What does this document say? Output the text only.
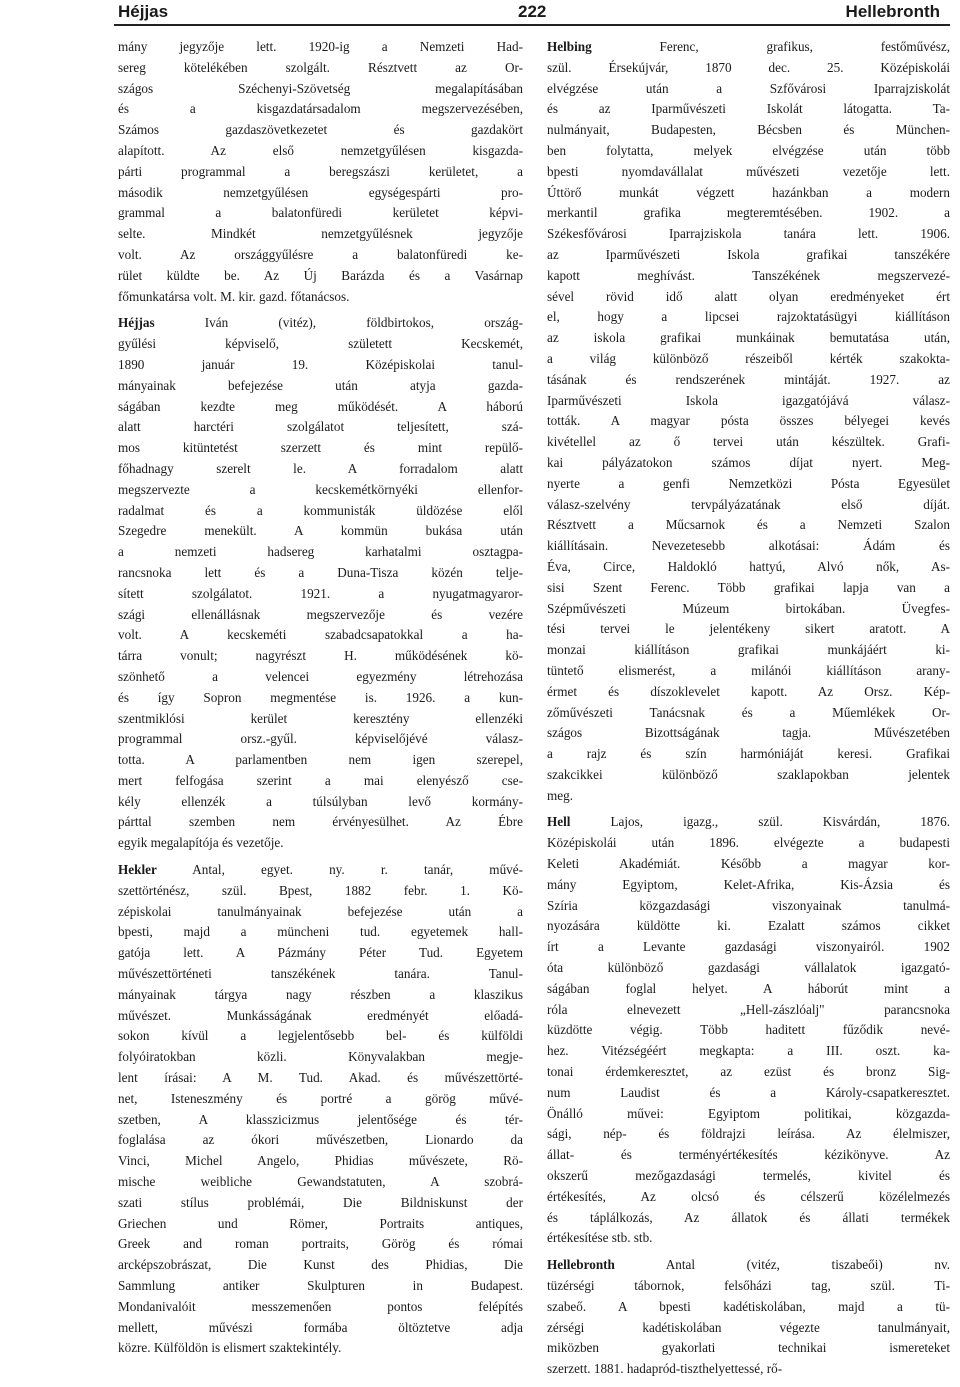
Héjjas	222	Hellebronth
mány jegyzője lett. 1920-ig a Nemzeti Had-
sereg kötelékében szolgált. Résztvett az Or-
szágos Széchenyi-Szövetség megalapításában
és a kisgazdatársadalom megszervezésében,
Számos gazdaszövetkezetet és gazdakört
alapított. Az első nemzetgyűlésen kisgazda-
párti programmal a beregszászi kerületet, a
második nemzetgyűlésen egységespárti pro-
grammal a balatonfüredi kerületet képvi-
selte. Mindkét nemzetgyűlésnek jegyzője
volt. Az országgyűlésre a balatonfüredi ke-
rület küldte be. Az Új Barázda és a Vasárnap
főmunkatársa volt. M. kir. gazd. főtanácsos.
Héjjas Iván (vitéz), földbirtokos, ország-
gyűlési képviselő, született Kecskemét,
1890 január 19. Középiskolai tanul-
mányainak befejezése után atyja gazda-
ságában kezdte meg működését. A háború
alatt harctéri szolgálatot teljesített, szá-
mos kitüntetést szerzett és mint repülő-
főhadnagy szerelt le. A forradalom alatt
megszervezte a kecskemétkörnyéki ellenfor-
radalmat és a kommunisták üldözése elől
Szegedre menekült. A kommün bukása után
a nemzeti hadsereg karhatalmi osztagpa-
rancsnoka lett és a Duna-Tisza közén telje-
sített szolgálatot. 1921. a nyugatmagyaror-
szági ellenállásnak megszervezője és vezére
volt. A kecskeméti szabadcsapatokkal a ha-
tárra vonult; nagyrészt H. működésének kö-
szönhető a velencei egyezmény létrehozása
és így Sopron megmentése is. 1926. a kun-
szentmiklósi kerület keresztény ellenzéki
programmal orsz.-gyűl. képviselőjévé válasz-
totta. A parlamentben nem igen szerepel,
mert felfogása szerint a mai elenyésző cse-
kély ellenzék a túlsúlyban levő kormány-
párttal szemben nem érvényesülhet. Az Ébre
egyik megalapítója és vezetője.
Hekler Antal, egyet. ny. r. tanár, művé-
szettörténész, szül. Bpest, 1882 febr. 1. Kö-
zépiskolai tanulmányainak befejezése után a
bpesti, majd a müncheni tud. egyetemek hall-
gatója lett. A Pázmány Péter Tud. Egyetem
művészettörténeti tanszékének tanára. Tanul-
mányainak tárgya nagy részben a klaszikus
művészet. Munkásságának eredményét előadá-
sokon kívül a legjelentősebb bel- és külföldi
folyóiratokban közli. Könyvalakban megje-
lent írásai: A M. Tud. Akad. és művészettörté-
net, Isteneszmény és portré a görög művé-
szetben, A klasszicizmus jelentősége és tér-
foglalása az ókori művészetben, Lionardo da
Vinci, Michel Angelo, Phidias művészete, Rö-
mische weibliche Gewandstatuten, A szobrá-
szati stílus problémái, Die Bildniskunst der
Griechen und Römer, Portraits antiques,
Greek and roman portraits, Görög és római
arcképszobrászat, Die Kunst des Phidias, Die
Sammlung antiker Skulpturen in Budapest.
Mondanivalóit messzemenően pontos felépítés
mellett, művészi formába öltöztetve adja
közre. Külföldön is elismert szaktekintély.
Helbing Ferenc, grafikus, festőművész,
szül. Érsekújvár, 1870 dec. 25. Középiskolái
elvégzése után a Szfővárosi Iparrajziskolát
és az Iparművészeti Iskolát látogatta. Ta-
nulmányait, Budapesten, Bécsben és München-
ben folytatta, melyek elvégzése után több
bpesti nyomdavállalat művészeti vezetője lett.
Úttörő munkát végzett hazánkban a modern
merkantil grafika megteremtésében. 1902. a
Székesfővárosi Iparrajziskola tanára lett. 1906.
az Iparművészeti Iskola grafikai tanszékére
kapott meghívást. Tanszékének megszervezé-
sével rövid idő alatt olyan eredményeket ért
el, hogy a lipcsei rajzoktatásügyi kiállításon
az iskola grafikai munkáinak bemutatása után,
a világ különböző részeiből kérték szakokta-
tásának és rendszerének mintáját. 1927. az
Iparművészeti Iskola igazgatójává válasz-
tották. A magyar pósta összes bélyegei kevés
kivétellel az ő tervei után készültek. Grafi-
kai pályázatokon számos díjat nyert. Meg-
nyerte a genfi Nemzetközi Pósta Egyesület
válasz-szelvény tervpályázatának első díját.
Résztvett a Műcsarnok és a Nemzeti Szalon
kiállításain. Nevezetesebb alkotásai: Ádám és
Éva, Circe, Haldokló hattyú, Alvó nők, As-
sisi Szent Ferenc. Több grafikai lapja van a
Szépművészeti Múzeum birtokában. Üvegfes-
tési tervei le jelentékeny sikert aratott. A
monzai kiállításon grafikai munkájáért ki-
tüntető elismerést, a milánói kiállításon arany-
érmet és díszoklevelet kapott. Az Orsz. Kép-
zőművészeti Tanácsnak és a Műemlékek Or-
szágos Bizottságának tagja. Művészetében
a rajz és szín harmóniáját keresi. Grafikai
szakcikkei különböző szaklapokban jelentek
meg.
Hell Lajos, igazg., szül. Kisvárdán, 1876.
Középiskolái után 1896. elvégezte a budapesti
Keleti Akadémiát. Később a magyar kor-
mány Egyiptom, Kelet-Afrika, Kis-Ázsia és
Szíria közgazdasági viszonyainak tanulmá-
nyozására küldötte ki. Ezalatt számos cikket
írt a Levante gazdasági viszonyairól. 1902
óta különböző gazdasági vállalatok igazgató-
ságában foglal helyet. A háborút mint a
róla elnevezett „Hell-zászlóalj" parancsnoka
küzdötte végig. Több haditett fűződik nevé-
hez. Vitézségéért megkapta: a III. oszt. ka-
tonai érdemkeresztet, az ezüst és bronz Sig-
num Laudist és a Károly-csapatkeresztet.
Önálló művei: Egyiptom politikai, közgazda-
sági, nép- és földrajzi leírása. Az élelmiszer,
állat- és terményértékesítés kézikönyve. Az
okszerű mezőgazdasági termelés, kivitel és
értékesítés, Az olcsó és célszerű közélelmezés
és táplálkozás, Az állatok és állati termékek
értékesítése stb. stb.
Hellebronth Antal (vitéz, tiszabeői) nv.
tüzérségi tábornok, felsőházi tag, szül. Ti-
szabeő. A bpesti kadétiskolában, majd a tü-
zérségi kadétiskolában végezte tanulmányait,
miközben gyakorlati technikai ismereteket
szerzett. 1881. hadapród-tiszthelyettessé, rő-
